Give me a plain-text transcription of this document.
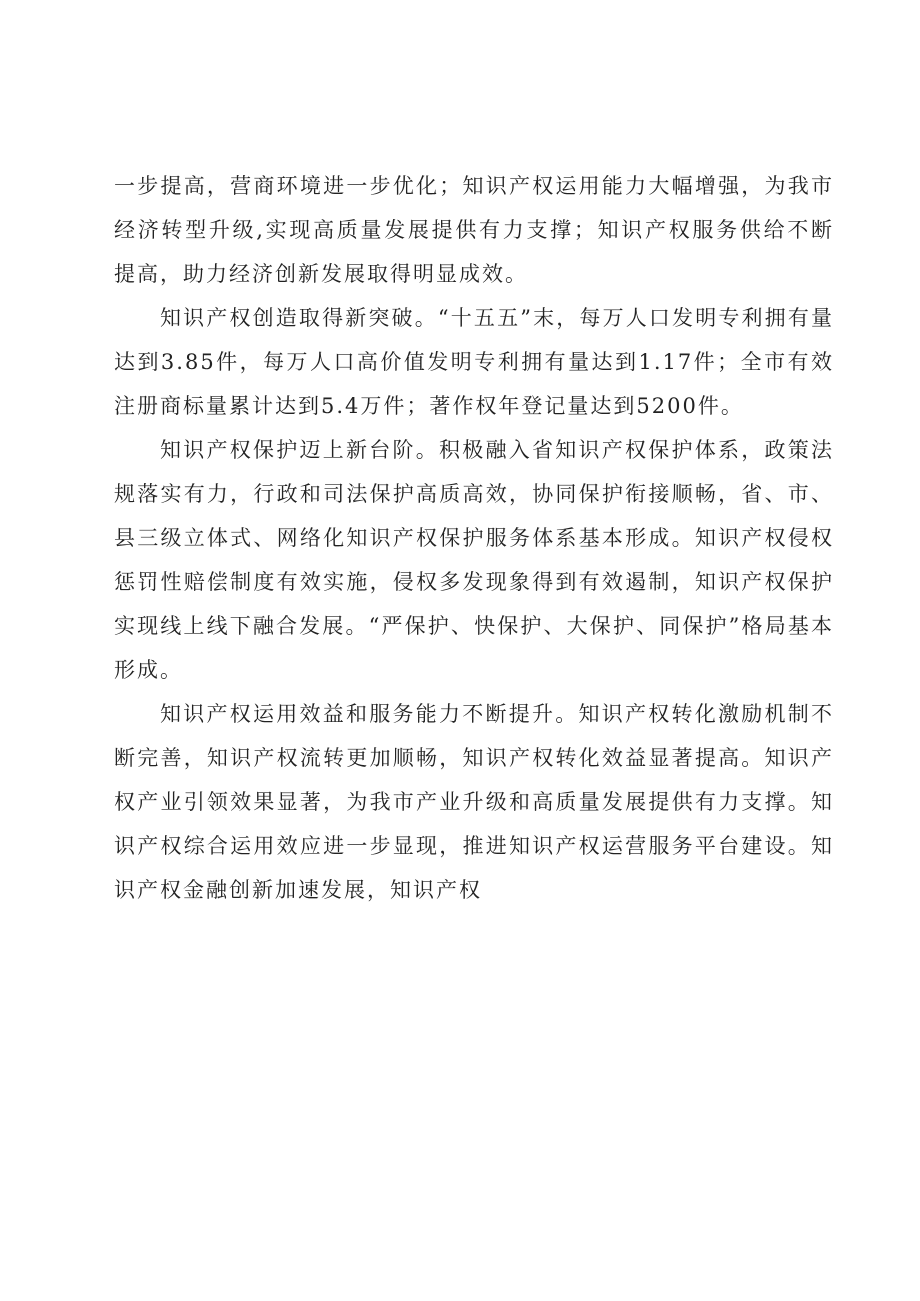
一步提高，营商环境进一步优化；知识产权运用能力大幅增强，为我市经济转型升级,实现高质量发展提供有力支撑；知识产权服务供给不断提高，助力经济创新发展取得明显成效。

知识产权创造取得新突破。“十五五”末，每万人口发明专利拥有量达到3.85件，每万人口高价值发明专利拥有量达到1.17件；全市有效注册商标量累计达到5.4万件；著作权年登记量达到5200件。

知识产权保护迈上新台阶。积极融入省知识产权保护体系，政策法规落实有力，行政和司法保护高质高效，协同保护衔接顺畅，省、市、县三级立体式、网络化知识产权保护服务体系基本形成。知识产权侵权惩罚性赔偿制度有效实施，侵权多发现象得到有效遏制，知识产权保护实现线上线下融合发展。“严保护、快保护、大保护、同保护”格局基本形成。

知识产权运用效益和服务能力不断提升。知识产权转化激励机制不断完善，知识产权流转更加顺畅，知识产权转化效益显著提高。知识产权产业引领效果显著，为我市产业升级和高质量发展提供有力支撑。知识产权综合运用效应进一步显现，推进知识产权运营服务平台建设。知识产权金融创新加速发展，知识产权
